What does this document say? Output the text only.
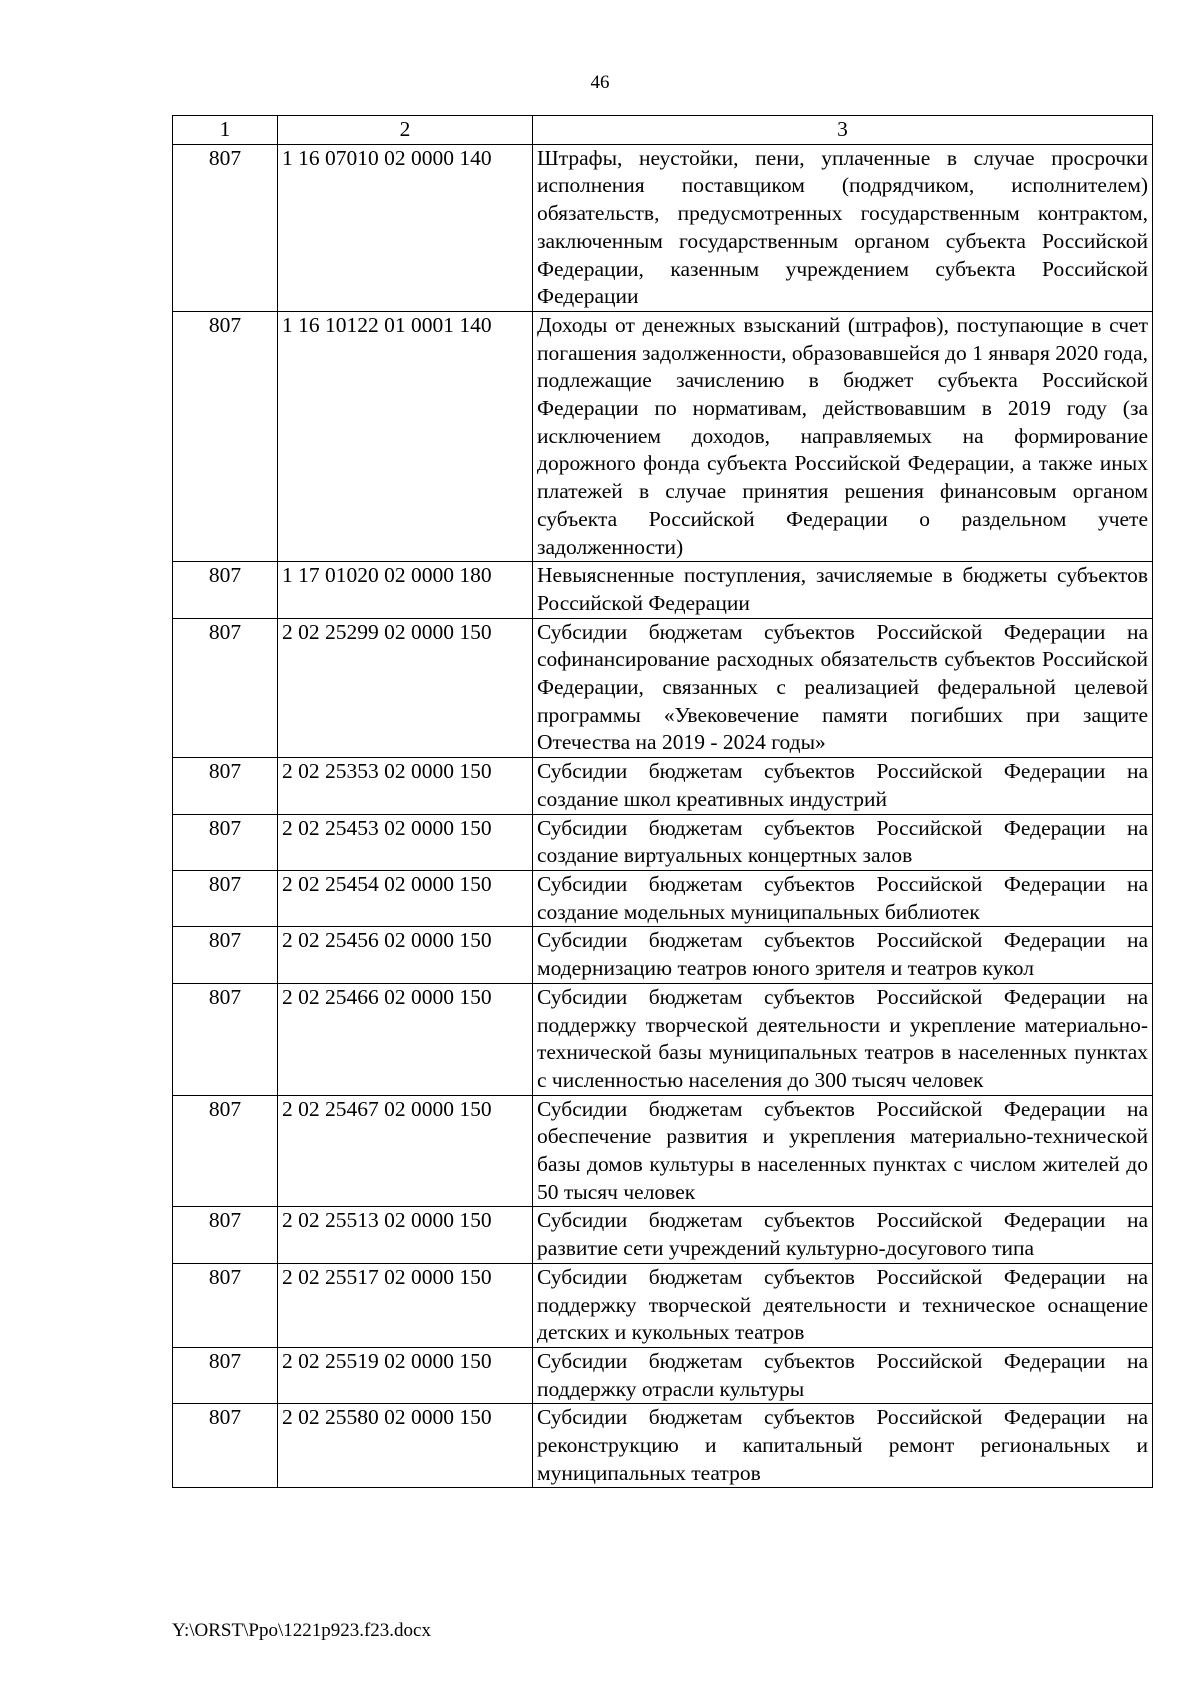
46
1	2	3
807	1 16 07010 02 0000 140	Штрафы, неустойки, пени, уплаченные в случае просрочки исполнения поставщиком (подрядчиком, исполнителем) обязательств, предусмотренных государственным контрактом, заключенным государственным органом субъекта Российской Федерации, казенным учреждением субъекта Российской Федерации
807	1 16 10122 01 0001 140	Доходы от денежных взысканий (штрафов), поступающие в счет погашения задолженности, образовавшейся до 1 января 2020 года, подлежащие зачислению в бюджет субъекта Российской Федерации по нормативам, действовавшим в 2019 году (за исключением доходов, направляемых на формирование дорожного фонда субъекта Российской Федерации, а также иных платежей в случае принятия решения финансовым органом субъекта Российской Федерации о раздельном учете задолженности)
807	1 17 01020 02 0000 180	Невыясненные поступления, зачисляемые в бюджеты субъектов Российской Федерации
807	2 02 25299 02 0000 150	Субсидии бюджетам субъектов Российской Федерации на софинансирование расходных обязательств субъектов Российской Федерации, связанных с реализацией федеральной целевой программы «Увековечение памяти погибших при защите Отечества на 2019 - 2024 годы»
807	2 02 25353 02 0000 150	Субсидии бюджетам субъектов Российской Федерации на создание школ креативных индустрий
807	2 02 25453 02 0000 150	Субсидии бюджетам субъектов Российской Федерации на создание виртуальных концертных залов
807	2 02 25454 02 0000 150	Субсидии бюджетам субъектов Российской Федерации на создание модельных муниципальных библиотек
807	2 02 25456 02 0000 150	Субсидии бюджетам субъектов Российской Федерации на модернизацию театров юного зрителя и театров кукол
807	2 02 25466 02 0000 150	Субсидии бюджетам субъектов Российской Федерации на поддержку творческой деятельности и укрепление материально-технической базы муниципальных театров в населенных пунктах с численностью населения до 300 тысяч человек
807	2 02 25467 02 0000 150	Субсидии бюджетам субъектов Российской Федерации на обеспечение развития и укрепления материально-технической базы домов культуры в населенных пунктах с числом жителей до 50 тысяч человек
807	2 02 25513 02 0000 150	Субсидии бюджетам субъектов Российской Федерации на развитие сети учреждений культурно-досугового типа
807	2 02 25517 02 0000 150	Субсидии бюджетам субъектов Российской Федерации на поддержку творческой деятельности и техническое оснащение детских и кукольных театров
807	2 02 25519 02 0000 150	Субсидии бюджетам субъектов Российской Федерации на поддержку отрасли культуры
807	2 02 25580 02 0000 150	Субсидии бюджетам субъектов Российской Федерации на реконструкцию и капитальный ремонт региональных и муниципальных театров
Y:\ORST\Ppo\1221p923.f23.docx
